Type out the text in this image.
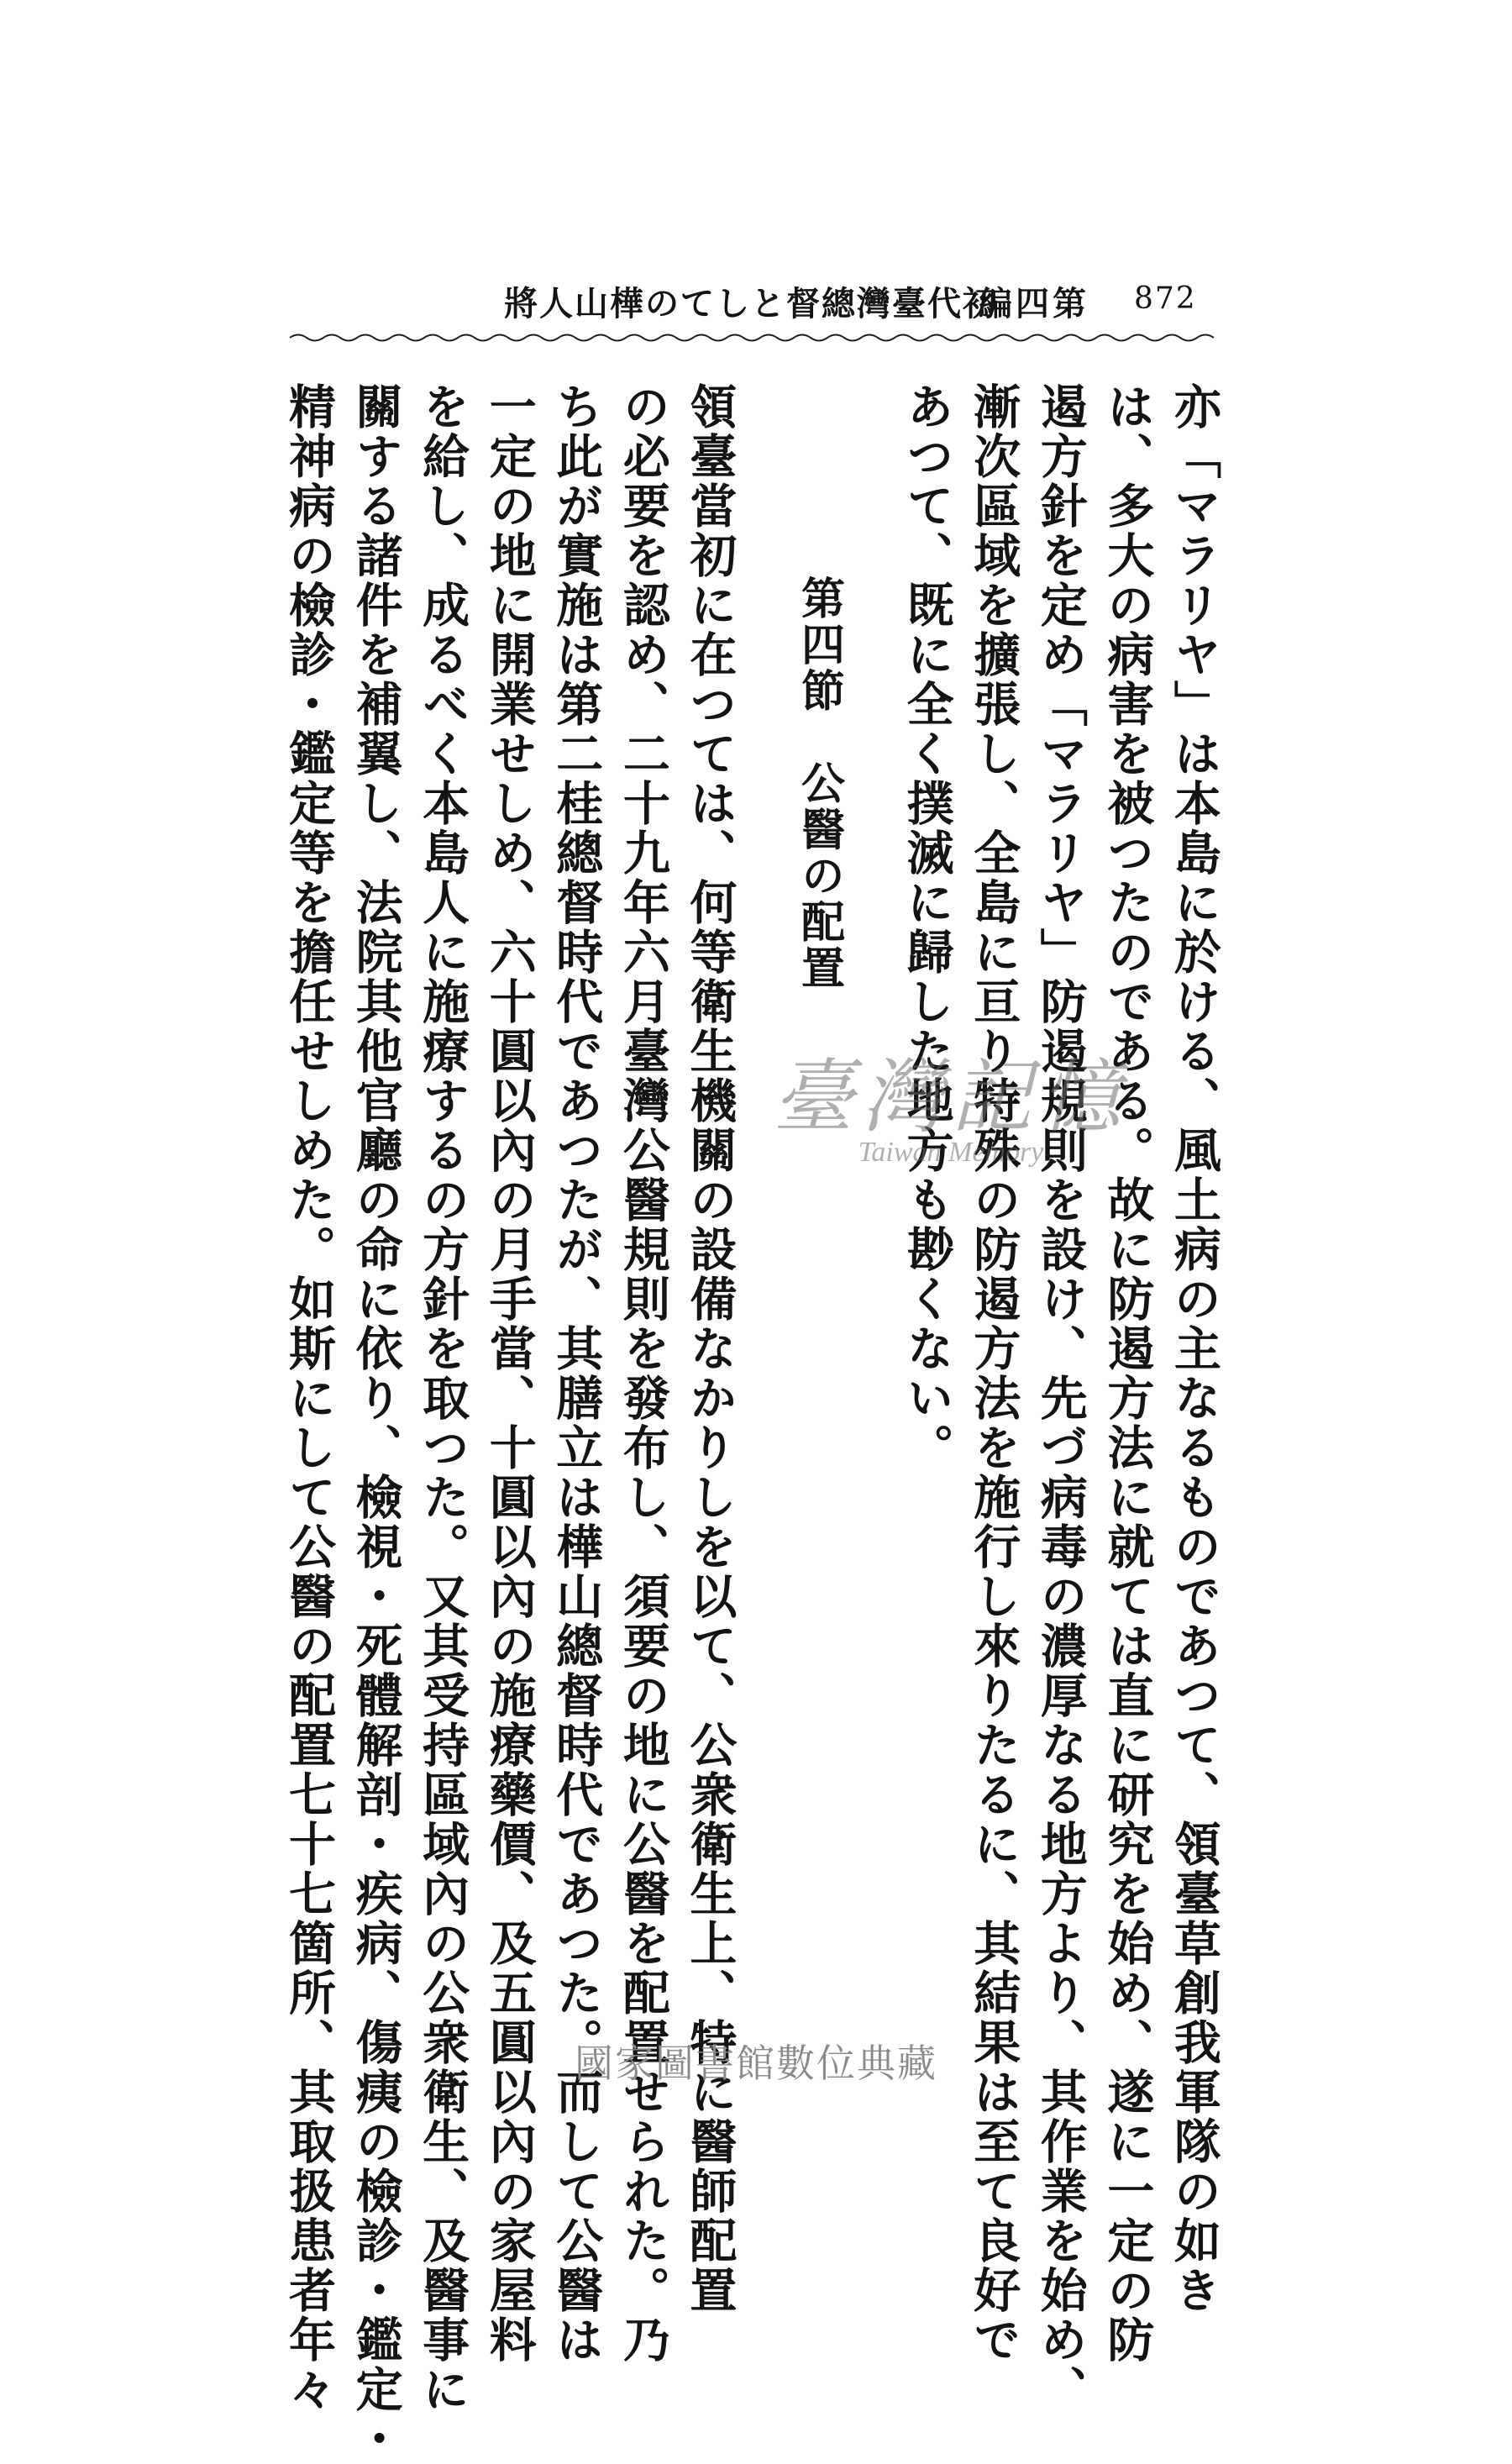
872
第四編
初代臺灣總督としての樺山人將
亦「マラリヤ」は本島に於ける、風土病の主なるものであつて、領臺草創我軍隊の如き
は、多大の病害を被つたのである。故に防遏方法に就ては直に研究を始め、遂に一定の防
遏方針を定め「マラリヤ」防遏規則を設け、先づ病毒の濃厚なる地方より、其作業を始め、
漸次區域を擴張し、全島に亘り特殊の防遏方法を施行し來りたるに、其結果は至て良好で
あつて、既に全く撲滅に歸した地方も尠くない。
第四節　公醫の配置
領臺當初に在つては、何等衛生機關の設備なかりしを以て、公衆衛生上、特に醫師配置
の必要を認め、二十九年六月臺灣公醫規則を發布し、須要の地に公醫を配置せられた。乃
ち此が實施は第二桂總督時代であつたが、其膳立は樺山總督時代であつた。而して公醫は
一定の地に開業せしめ、六十圓以內の月手當、十圓以內の施療藥價、及五圓以內の家屋料
を給し、成るべく本島人に施療するの方針を取つた。又其受持區域內の公衆衛生、及醫事に
關する諸件を補翼し、法院其他官廳の命に依り、檢視・死體解剖・疾病、傷痍の檢診・鑑定・
精神病の檢診・鑑定等を擔任せしめた。如斯にして公醫の配置七十七箇所、其取扱患者年々	臺灣記憶
Taiwan Memory
國家圖書館數位典藏
